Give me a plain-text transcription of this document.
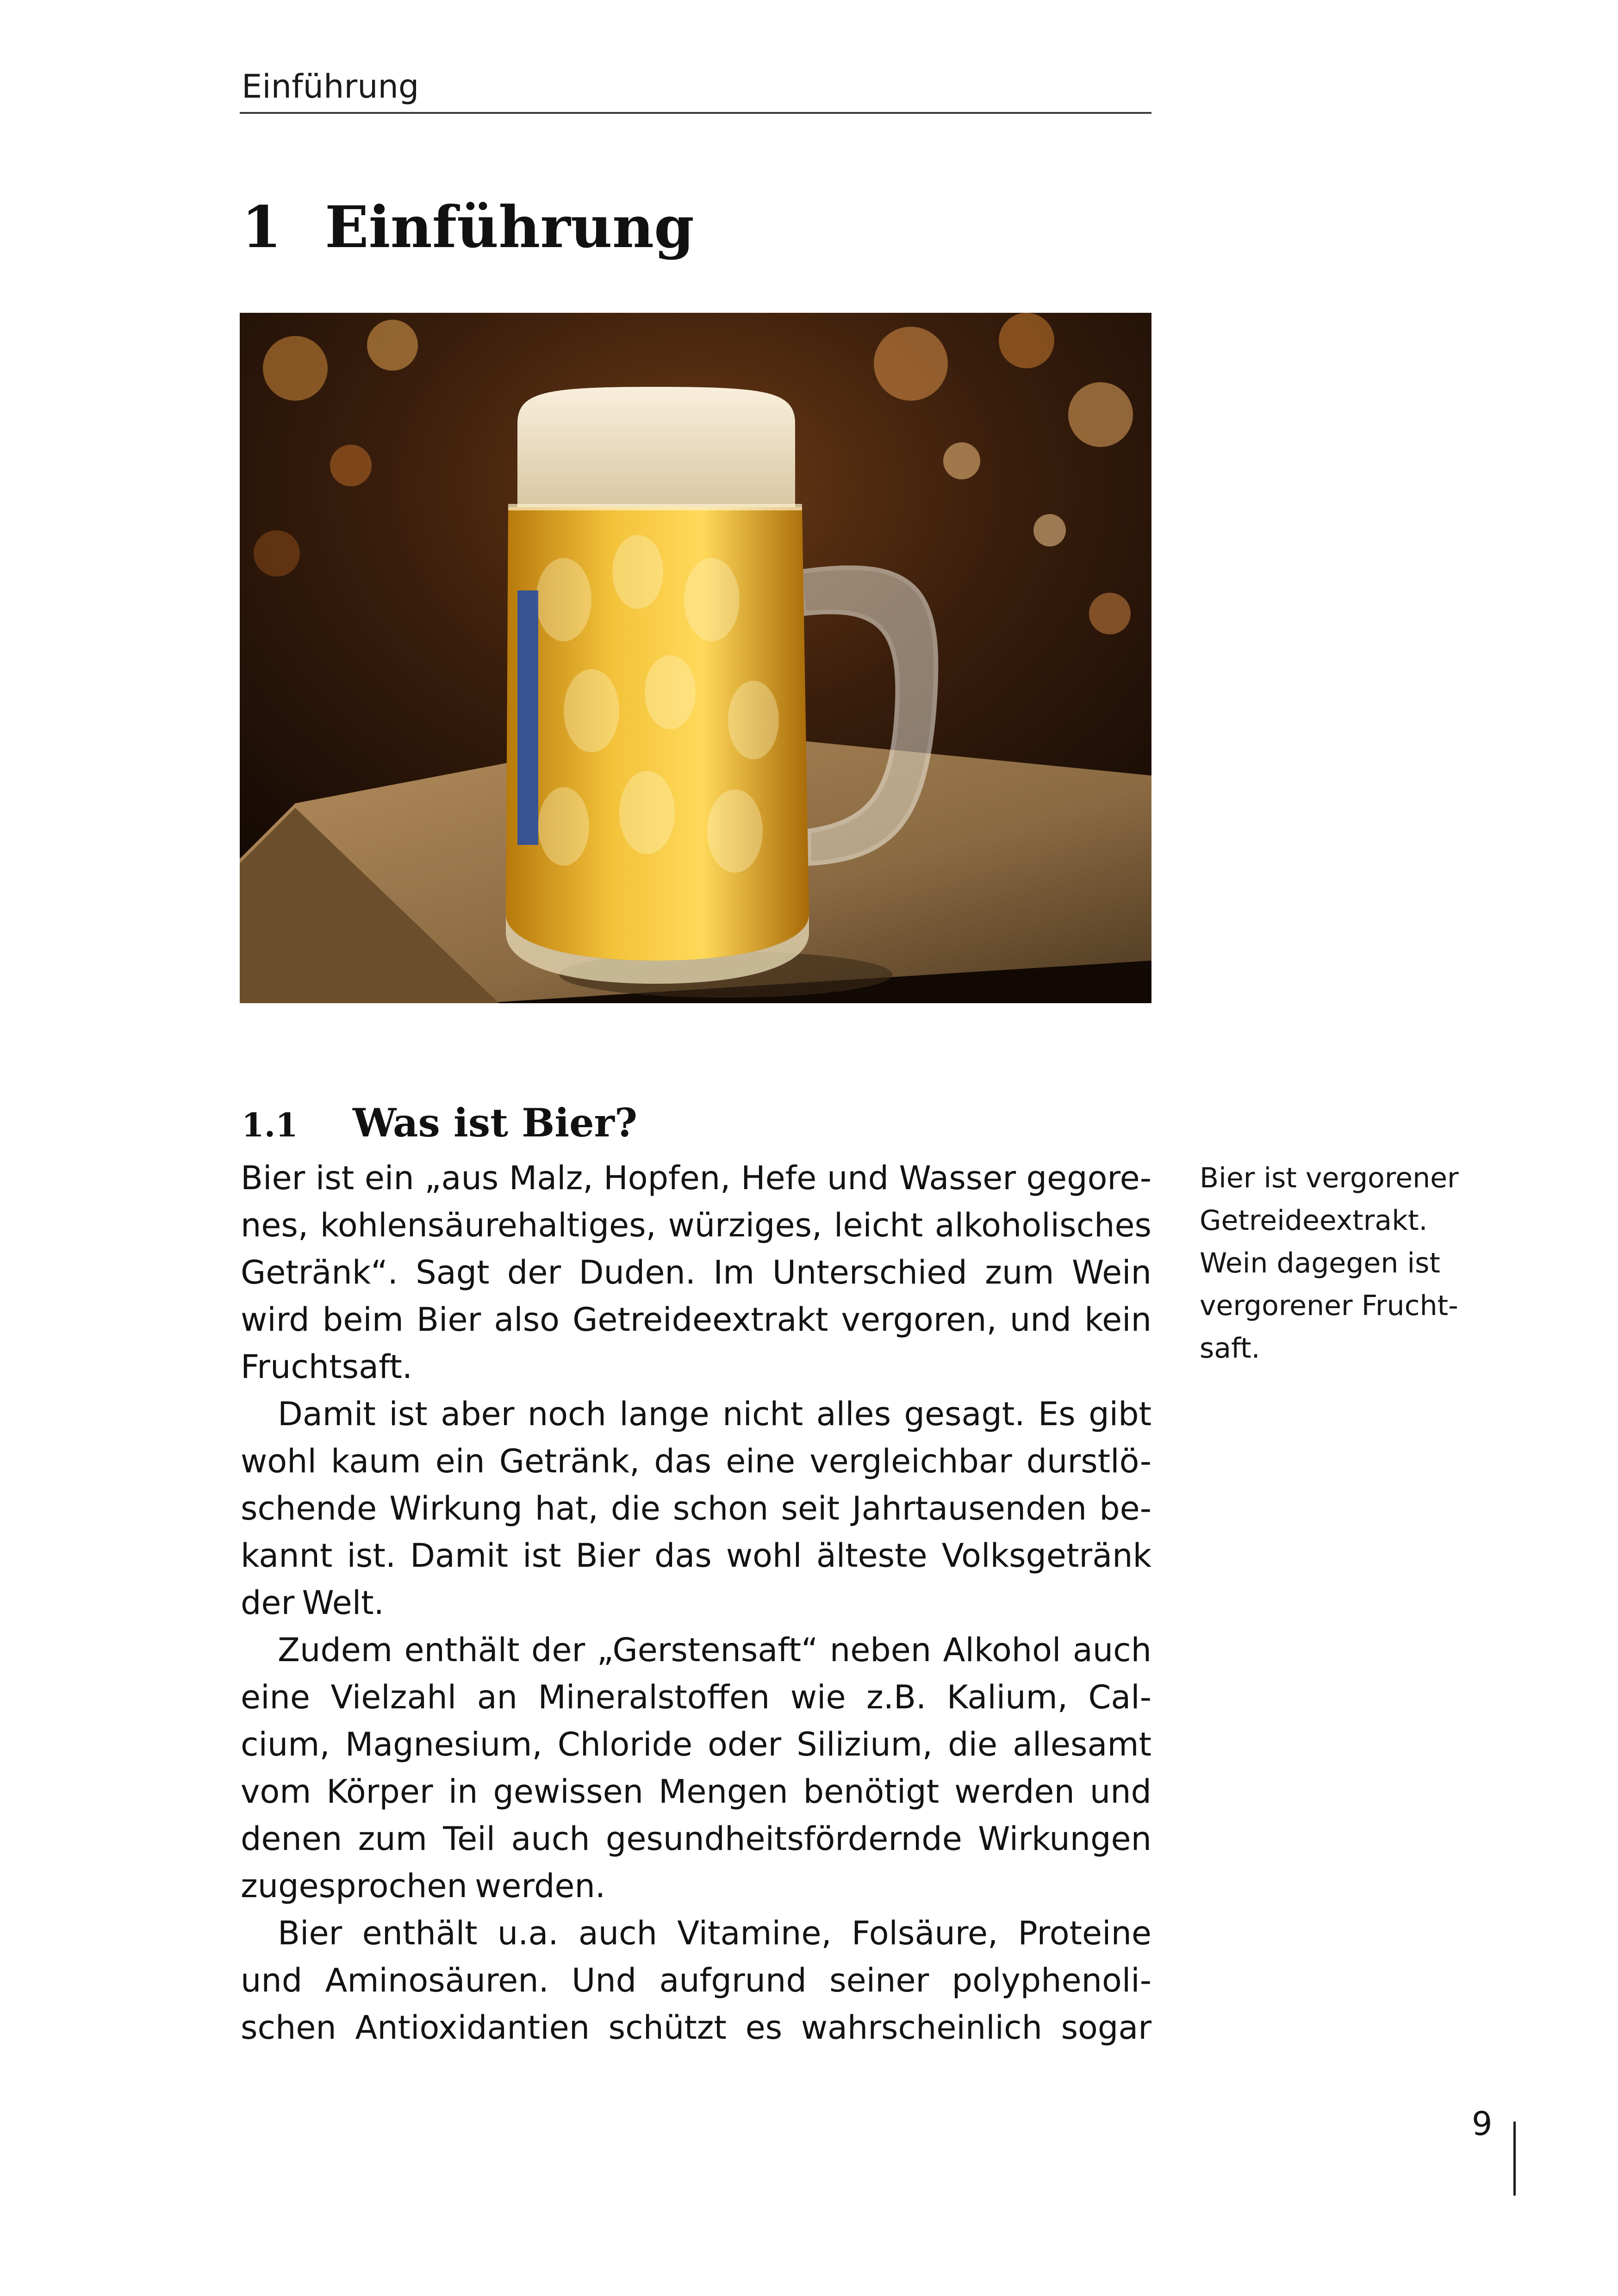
Einführung
1 Einführung
1.1 Was ist Bier?
Bier ist ein „aus Malz, Hopfen, Hefe und Wasser gegore-
nes, kohlensäurehaltiges, würziges, leicht alkoholisches
Getränk“. Sagt der Duden. Im Unterschied zum Wein
wird beim Bier also Getreideextrakt vergoren, und kein
Fruchtsaft.
Damit ist aber noch lange nicht alles gesagt. Es gibt
wohl kaum ein Getränk, das eine vergleichbar durstlö-
schende Wirkung hat, die schon seit Jahrtausenden be-
kannt ist. Damit ist Bier das wohl älteste Volksgetränk
der Welt.
Zudem enthält der „Gerstensaft“ neben Alkohol auch
eine Vielzahl an Mineralstoffen wie z.B. Kalium, Cal-
cium, Magnesium, Chloride oder Silizium, die allesamt
vom Körper in gewissen Mengen benötigt werden und
denen zum Teil auch gesundheitsfördernde Wirkungen
zugesprochen werden.
Bier enthält u.a. auch Vitamine, Folsäure, Proteine
und Aminosäuren. Und aufgrund seiner polyphenoli-
schen Antioxidantien schützt es wahrscheinlich sogar
Bier ist vergorener
Getreideextrakt.
Wein dagegen ist
vergorener Frucht-
saft.
9
